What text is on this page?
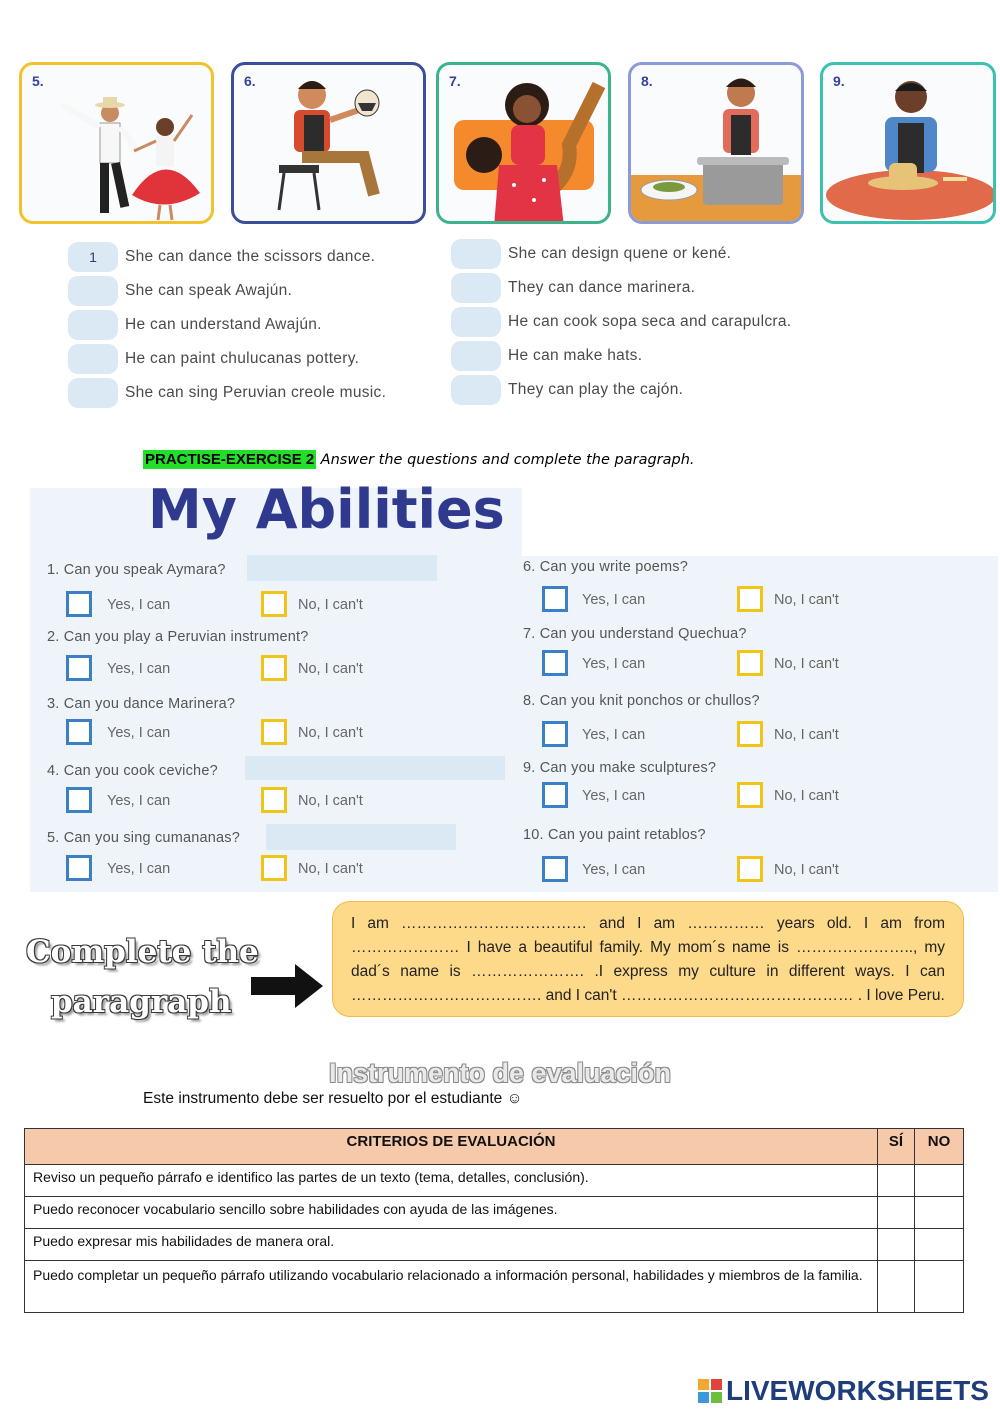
5.	6.	7.	8.	9.
1	She can dance the scissors dance.
She can speak Awajún.
He can understand Awajún.
He can paint chulucanas pottery.
She can sing Peruvian creole music.
She can design quene or kené.
They can dance marinera.
He can cook sopa seca and carapulcra.
He can make hats.
They can play the cajón.
PRACTISE-EXERCISE 2 Answer the questions and complete the paragraph.
My Abilities
1. Can you speak Aymara?
Yes, I can	No, I can't
2. Can you play a Peruvian instrument?
Yes, I can	No, I can't
3. Can you dance Marinera?
Yes, I can	No, I can't
4. Can you cook ceviche?
Yes, I can	No, I can't
5. Can you sing cumananas?
Yes, I can	No, I can't
6. Can you write poems?
Yes, I can	No, I can't
7. Can you understand Quechua?
Yes, I can	No, I can't
8. Can you knit ponchos or chullos?
Yes, I can	No, I can't
9. Can you make sculptures?
Yes, I can	No, I can't
10. Can you paint retablos?
Yes, I can	No, I can't
Complete the
paragraph
I am ……………………………… and I am …………… years old. I am from ………………… I have a beautiful family. My mom´s name is ………………….., my dad´s name is …………………. .I express my culture in different ways. I can ………………………………. and I can't ……………………………………… . I love Peru.
Instrumento de evaluación
Este instrumento debe ser resuelto por el estudiante ☺
CRITERIOS DE EVALUACIÓN	SÍ	NO
Reviso un pequeño párrafo e identifico las partes de un texto (tema, detalles, conclusión).		
Puedo reconocer vocabulario sencillo sobre habilidades con ayuda de las imágenes.		
Puedo expresar mis habilidades de manera oral.		
Puedo completar un pequeño párrafo utilizando vocabulario relacionado a información personal, habilidades y miembros de la familia.		
LIVEWORKSHEETS
